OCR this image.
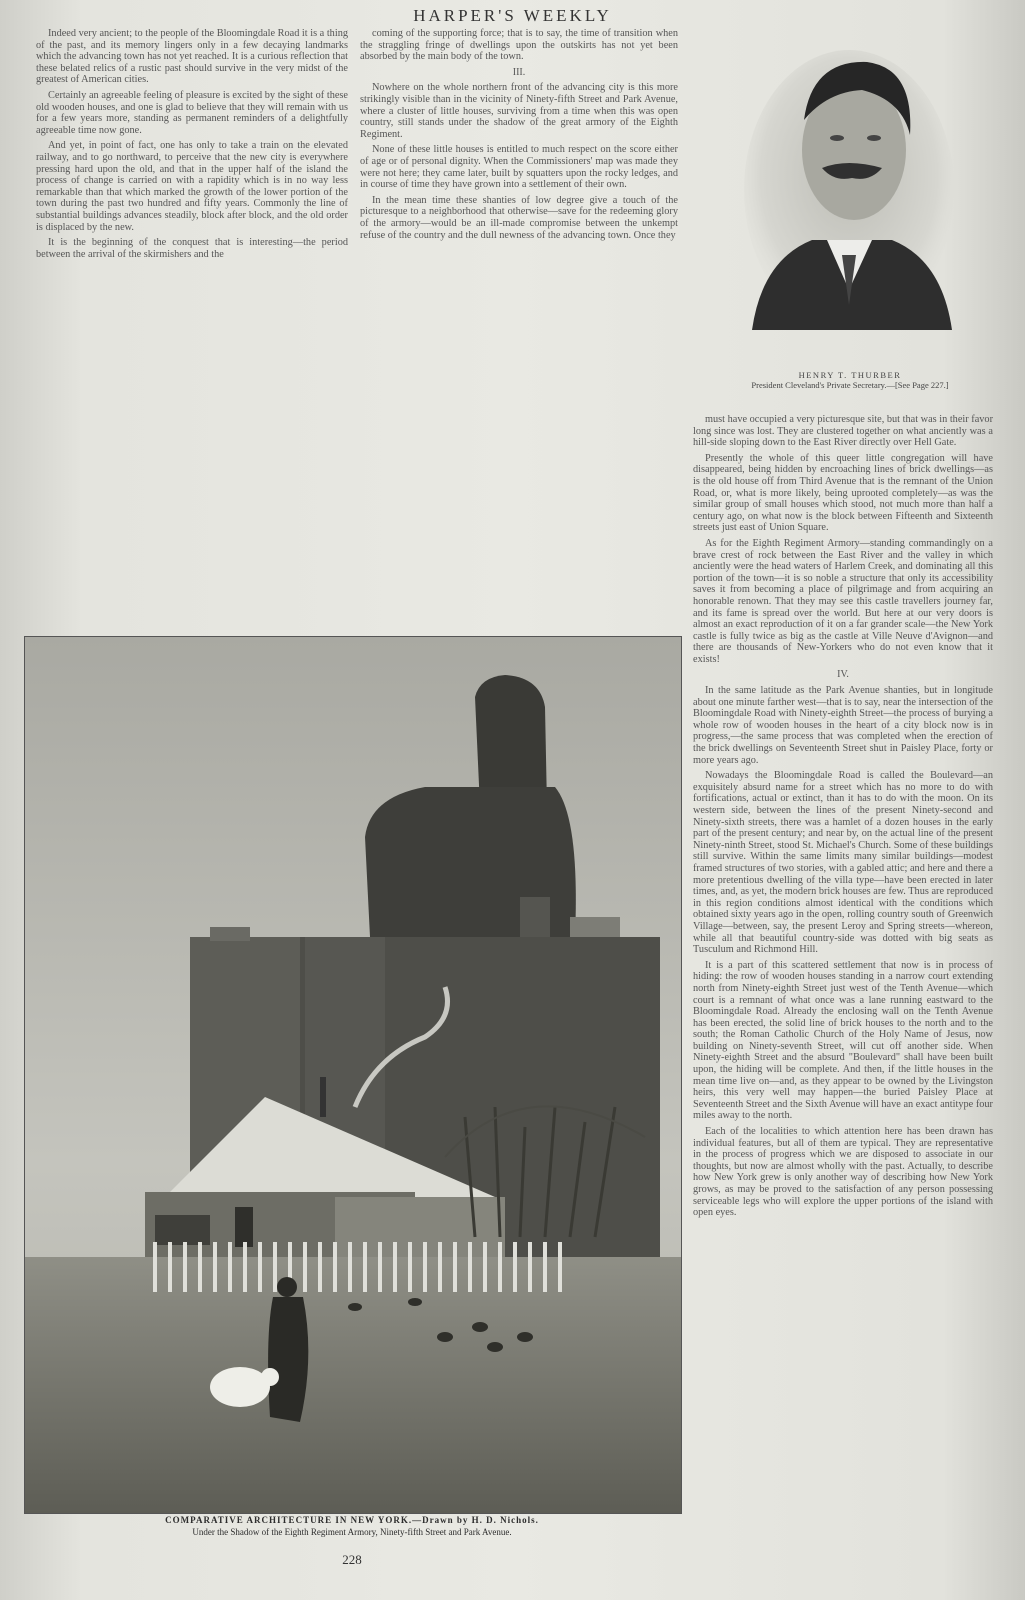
HARPER'S WEEKLY

Indeed very ancient; to the people of the Bloomingdale Road it is a thing of the past, and its memory lingers only in a few decaying landmarks which the advancing town has not yet reached. It is a curious reflection that these belated relics of a rustic past should survive in the very midst of the greatest of American cities.

Certainly an agreeable feeling of pleasure is excited by the sight of these old wooden houses, and one is glad to believe that they will remain with us for a few years more, standing as permanent reminders of a delightfully agreeable time now gone.

And yet, in point of fact, one has only to take a train on the elevated railway, and to go northward, to perceive that the new city is everywhere pressing hard upon the old, and that in the upper half of the island the process of change is carried on with a rapidity which is in no way less remarkable than that which marked the growth of the lower portion of the town during the past two hundred and fifty years. Commonly the line of substantial buildings advances steadily, block after block, and the old order is displaced by the new.

It is the beginning of the conquest that is interesting—the period between the arrival of the skirmishers and the

coming of the supporting force; that is to say, the time of transition when the straggling fringe of dwellings upon the outskirts has not yet been absorbed by the main body of the town.

III.

Nowhere on the whole northern front of the advancing city is this more strikingly visible than in the vicinity of Ninety-fifth Street and Park Avenue, where a cluster of little houses, surviving from a time when this was open country, still stands under the shadow of the great armory of the Eighth Regiment.

None of these little houses is entitled to much respect on the score either of age or of personal dignity. When the Commissioners' map was made they were not here; they came later, built by squatters upon the rocky ledges, and in course of time they have grown into a settlement of their own.

In the mean time these shanties of low degree give a touch of the picturesque to a neighborhood that otherwise—save for the redeeming glory of the armory—would be an ill-made compromise between the unkempt refuse of the country and the dull newness of the advancing town. Once they

HENRY T. THURBER
President Cleveland's Private Secretary.—[See Page 227.]

must have occupied a very picturesque site, but that was in their favor long since was lost. They are clustered together on what anciently was a hill-side sloping down to the East River directly over Hell Gate.

Presently the whole of this queer little congregation will have disappeared, being hidden by encroaching lines of brick dwellings—as is the old house off from Third Avenue that is the remnant of the Union Road, or, what is more likely, being uprooted completely—as was the similar group of small houses which stood, not much more than half a century ago, on what now is the block between Fifteenth and Sixteenth streets just east of Union Square.

As for the Eighth Regiment Armory—standing commandingly on a brave crest of rock between the East River and the valley in which anciently were the head waters of Harlem Creek, and dominating all this portion of the town—it is so noble a structure that only its accessibility saves it from becoming a place of pilgrimage and from acquiring an honorable renown. That they may see this castle travellers journey far, and its fame is spread over the world. But here at our very doors is almost an exact reproduction of it on a far grander scale—the New York castle is fully twice as big as the castle at Ville Neuve d'Avignon—and there are thousands of New-Yorkers who do not even know that it exists!

IV.

In the same latitude as the Park Avenue shanties, but in longitude about one minute farther west—that is to say, near the intersection of the Bloomingdale Road with Ninety-eighth Street—the process of burying a whole row of wooden houses in the heart of a city block now is in progress,—the same process that was completed when the erection of the brick dwellings on Seventeenth Street shut in Paisley Place, forty or more years ago.

Nowadays the Bloomingdale Road is called the Boulevard—an exquisitely absurd name for a street which has no more to do with fortifications, actual or extinct, than it has to do with the moon. On its western side, between the lines of the present Ninety-second and Ninety-sixth streets, there was a hamlet of a dozen houses in the early part of the present century; and near by, on the actual line of the present Ninety-ninth Street, stood St. Michael's Church. Some of these buildings still survive. Within the same limits many similar buildings—modest framed structures of two stories, with a gabled attic; and here and there a more pretentious dwelling of the villa type—have been erected in later times, and, as yet, the modern brick houses are few. Thus are reproduced in this region conditions almost identical with the conditions which obtained sixty years ago in the open, rolling country south of Greenwich Village—between, say, the present Leroy and Spring streets—whereon, while all that beautiful country-side was dotted with big seats as Tusculum and Richmond Hill.

It is a part of this scattered settlement that now is in process of hiding: the row of wooden houses standing in a narrow court extending north from Ninety-eighth Street just west of the Tenth Avenue—which court is a remnant of what once was a lane running eastward to the Bloomingdale Road. Already the enclosing wall on the Tenth Avenue has been erected, the solid line of brick houses to the north and to the south; the Roman Catholic Church of the Holy Name of Jesus, now building on Ninety-seventh Street, will cut off another side. When Ninety-eighth Street and the absurd "Boulevard" shall have been built upon, the hiding will be complete. And then, if the little houses in the mean time live on—and, as they appear to be owned by the Livingston heirs, this very well may happen—the buried Paisley Place at Seventeenth Street and the Sixth Avenue will have an exact antitype four miles away to the north.

Each of the localities to which attention here has been drawn has individual features, but all of them are typical. They are representative in the process of progress which we are disposed to associate in our thoughts, but now are almost wholly with the past. Actually, to describe how New York grew is only another way of describing how New York grows, as may be proved to the satisfaction of any person possessing serviceable legs who will explore the upper portions of the island with open eyes.

COMPARATIVE ARCHITECTURE IN NEW YORK.—Drawn by H. D. Nichols.
Under the Shadow of the Eighth Regiment Armory, Ninety-fifth Street and Park Avenue.
228
